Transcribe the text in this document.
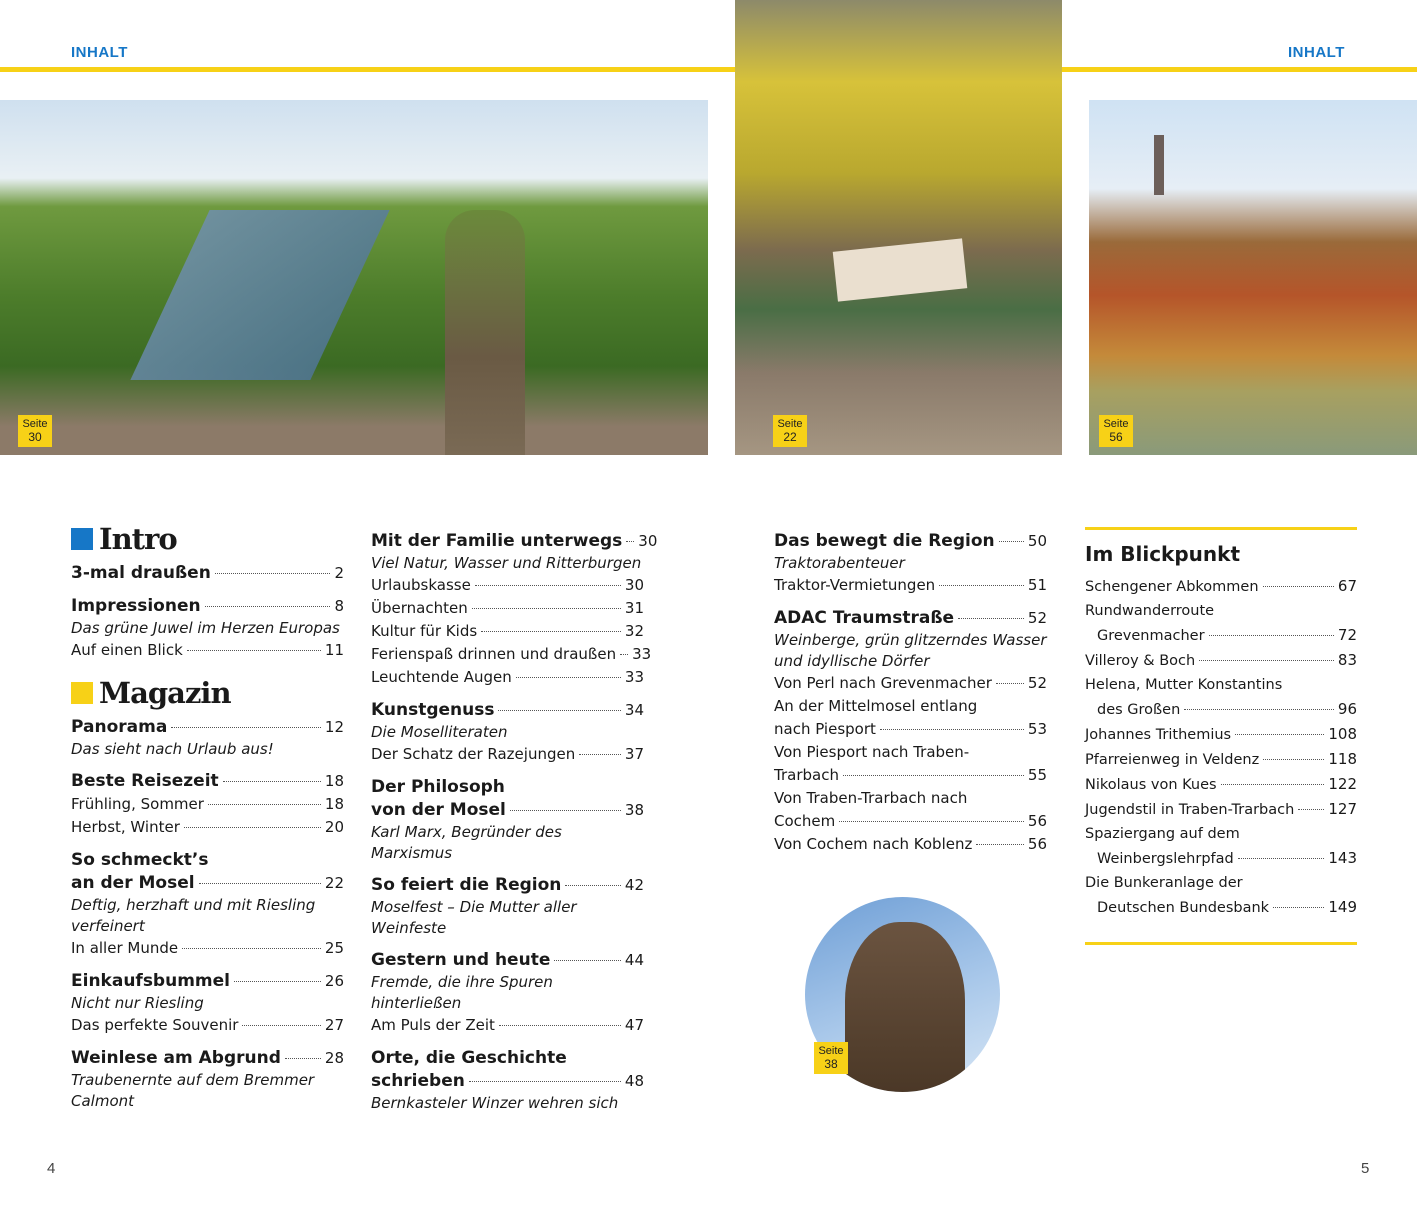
INHALT	INHALT
Seite
30
Seite
22
Seite
56
Seite
38
Intro
3-mal draußen	2
Impressionen	8
Das grüne Juwel im Herzen Europas
Auf einen Blick	11
Magazin
Panorama	12
Das sieht nach Urlaub aus!
Beste Reisezeit	18
Frühling, Sommer	18
Herbst, Winter	20
So schmeckt’s
an der Mosel	22
Deftig, herzhaft und mit Riesling verfeinert
In aller Munde	25
Einkaufsbummel	26
Nicht nur Riesling
Das perfekte Souvenir	27
Weinlese am Abgrund	28
Traubenernte auf dem Bremmer Calmont
Mit der Familie unterwegs 30
Viel Natur, Wasser und Ritterburgen
Urlaubskasse	30
Übernachten	31
Kultur für Kids	32
Ferienspaß drinnen und draußen 33
Leuchtende Augen	33
Kunstgenuss	34
Die Moselliteraten
Der Schatz der Razejungen	37
Der Philosoph
von der Mosel	38
Karl Marx, Begründer des Marxismus
So feiert die Region	42
Moselfest – Die Mutter aller Weinfeste
Gestern und heute	44
Fremde, die ihre Spuren hinterließen
Am Puls der Zeit	47
Orte, die Geschichte
schrieben	48
Bernkasteler Winzer wehren sich
Das bewegt die Region 50
Traktorabenteuer
Traktor-Vermietungen	51
ADAC Traumstraße	52
Weinberge, grün glitzerndes Wasser und idyllische Dörfer
Von Perl nach Grevenmacher 52
An der Mittelmosel entlang
nach Piesport	53
Von Piesport nach Traben-
Trarbach	55
Von Traben-Trarbach nach
Cochem	56
Von Cochem nach Koblenz	56
Im Blickpunkt
Schengener Abkommen	67
Rundwanderroute
Grevenmacher	72
Villeroy & Boch	83
Helena, Mutter Konstantins
des Großen	96
Johannes Trithemius	108
Pfarreienweg in Veldenz	118
Nikolaus von Kues	122
Jugendstil in Traben-Trarbach 127
Spaziergang auf dem
Weinbergslehrpfad	143
Die Bunkeranlage der
Deutschen Bundesbank	149
4	5
